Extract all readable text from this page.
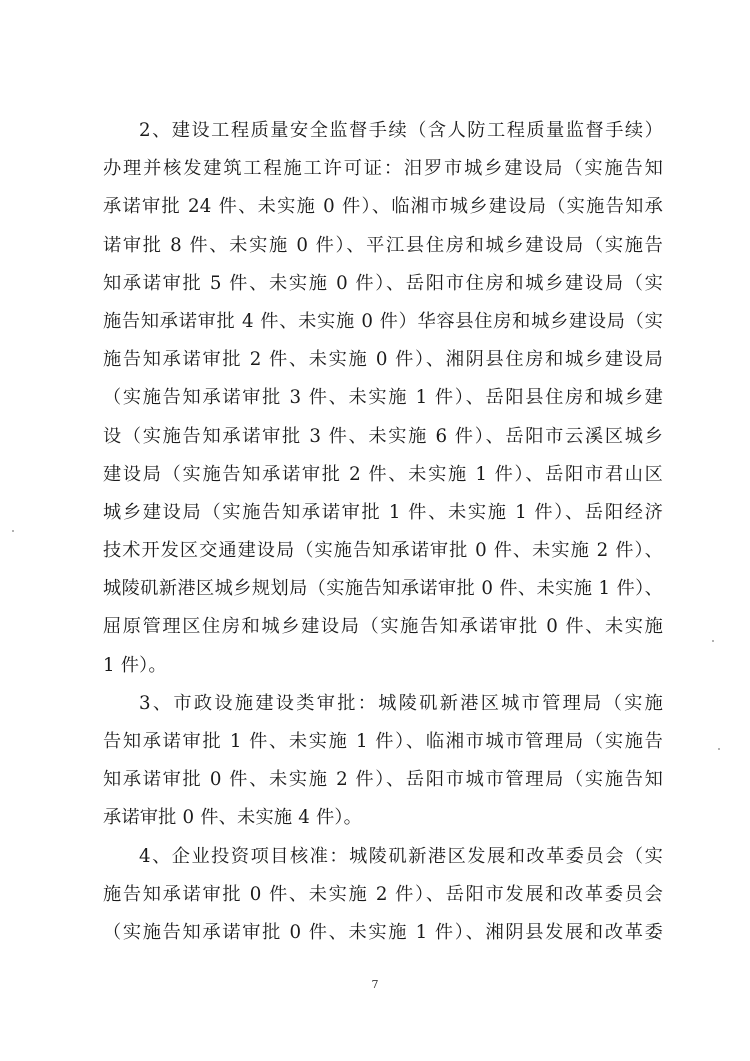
2、建设工程质量安全监督手续（含人防工程质量监督手续）
办理并核发建筑工程施工许可证：汨罗市城乡建设局（实施告知
承诺审批 24 件、未实施 0 件）、临湘市城乡建设局（实施告知承
诺审批 8 件、未实施 0 件）、平江县住房和城乡建设局（实施告
知承诺审批 5 件、未实施 0 件）、岳阳市住房和城乡建设局（实
施告知承诺审批 4 件、未实施 0 件）华容县住房和城乡建设局（实
施告知承诺审批 2 件、未实施 0 件）、湘阴县住房和城乡建设局
（实施告知承诺审批 3 件、未实施 1 件）、岳阳县住房和城乡建
设（实施告知承诺审批 3 件、未实施 6 件）、岳阳市云溪区城乡
建设局（实施告知承诺审批 2 件、未实施 1 件）、岳阳市君山区
城乡建设局（实施告知承诺审批 1 件、未实施 1 件）、岳阳经济
技术开发区交通建设局（实施告知承诺审批 0 件、未实施 2 件）、
城陵矶新港区城乡规划局（实施告知承诺审批 0 件、未实施 1 件）、
屈原管理区住房和城乡建设局（实施告知承诺审批 0 件、未实施
1 件）。
3、市政设施建设类审批：城陵矶新港区城市管理局（实施
告知承诺审批 1 件、未实施 1 件）、临湘市城市管理局（实施告
知承诺审批 0 件、未实施 2 件）、岳阳市城市管理局（实施告知
承诺审批 0 件、未实施 4 件）。
4、企业投资项目核准：城陵矶新港区发展和改革委员会（实
施告知承诺审批 0 件、未实施 2 件）、岳阳市发展和改革委员会
（实施告知承诺审批 0 件、未实施 1 件）、湘阴县发展和改革委
7
